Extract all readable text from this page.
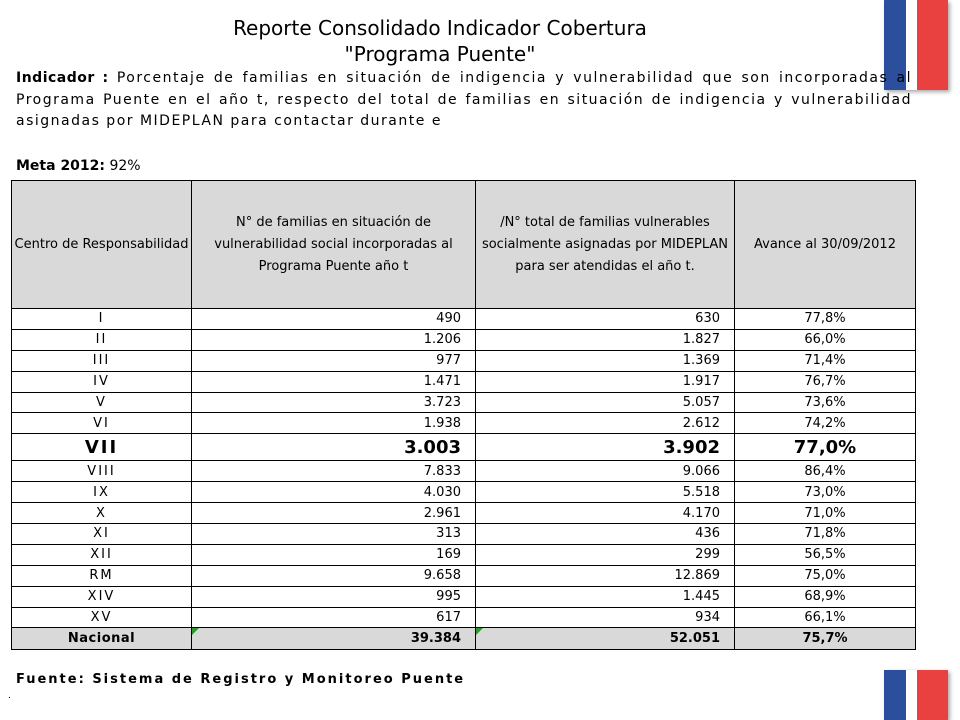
Reporte Consolidado Indicador Cobertura
"Programa Puente"
Indicador : Porcentaje de familias en situación de indigencia y vulnerabilidad que son incorporadas al Programa Puente en el año t, respecto del total de familias en situación de indigencia y vulnerabilidad asignadas por MIDEPLAN para contactar durante e
Meta 2012: 92%
Centro de Responsabilidad	N° de familias en situación de vulnerabilidad social incorporadas al Programa Puente año t	/N° total de familias vulnerables socialmente asignadas por MIDEPLAN para ser atendidas el año t.	Avance al 30/09/2012
I	490	630	77,8%
II	1.206	1.827	66,0%
III	977	1.369	71,4%
IV	1.471	1.917	76,7%
V	3.723	5.057	73,6%
VI	1.938	2.612	74,2%
VII	3.003	3.902	77,0%
VIII	7.833	9.066	86,4%
IX	4.030	5.518	73,0%
X	2.961	4.170	71,0%
XI	313	436	71,8%
XII	169	299	56,5%
RM	9.658	12.869	75,0%
XIV	995	1.445	68,9%
XV	617	934	66,1%
Nacional	39.384	52.051	75,7%
Fuente: Sistema de Registro y Monitoreo Puente
.
